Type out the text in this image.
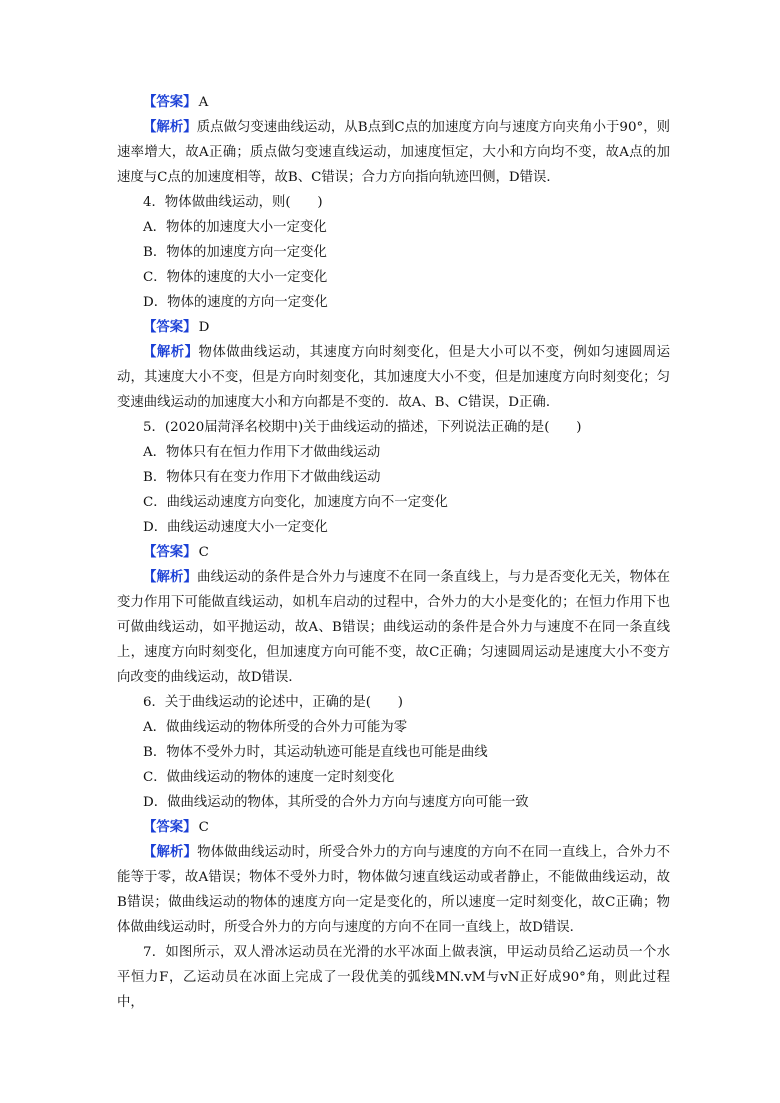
【答案】 A

【解析】质点做匀变速曲线运动，从B点到C点的加速度方向与速度方向夹角小于90°，则速率增大，故A正确；质点做匀变速直线运动，加速度恒定，大小和方向均不变，故A点的加速度与C点的加速度相等，故B、C错误；合力方向指向轨迹凹侧，D错误．

4．物体做曲线运动，则(　　)

A．物体的加速度大小一定变化

B．物体的加速度方向一定变化

C．物体的速度的大小一定变化

D．物体的速度的方向一定变化

【答案】 D

【解析】物体做曲线运动，其速度方向时刻变化，但是大小可以不变，例如匀速圆周运动，其速度大小不变，但是方向时刻变化，其加速度大小不变，但是加速度方向时刻变化；匀变速曲线运动的加速度大小和方向都是不变的．故A、B、C错误，D正确．

5．(2020届菏泽名校期中)关于曲线运动的描述，下列说法正确的是(　　)

A．物体只有在恒力作用下才做曲线运动

B．物体只有在变力作用下才做曲线运动

C．曲线运动速度方向变化，加速度方向不一定变化

D．曲线运动速度大小一定变化

【答案】 C

【解析】曲线运动的条件是合外力与速度不在同一条直线上，与力是否变化无关，物体在变力作用下可能做直线运动，如机车启动的过程中，合外力的大小是变化的；在恒力作用下也可做曲线运动，如平抛运动，故A、B错误；曲线运动的条件是合外力与速度不在同一条直线上，速度方向时刻变化，但加速度方向可能不变，故C正确；匀速圆周运动是速度大小不变方向改变的曲线运动，故D错误．

6．关于曲线运动的论述中，正确的是(　　)

A．做曲线运动的物体所受的合外力可能为零

B．物体不受外力时，其运动轨迹可能是直线也可能是曲线

C．做曲线运动的物体的速度一定时刻变化

D．做曲线运动的物体，其所受的合外力方向与速度方向可能一致

【答案】 C

【解析】物体做曲线运动时，所受合外力的方向与速度的方向不在同一直线上，合外力不能等于零，故A错误；物体不受外力时，物体做匀速直线运动或者静止，不能做曲线运动，故B错误；做曲线运动的物体的速度方向一定是变化的，所以速度一定时刻变化，故C正确；物体做曲线运动时，所受合外力的方向与速度的方向不在同一直线上，故D错误．

7．如图所示，双人滑冰运动员在光滑的水平冰面上做表演，甲运动员给乙运动员一个水平恒力F，乙运动员在冰面上完成了一段优美的弧线MN.vM与vN正好成90°角，则此过程中，
